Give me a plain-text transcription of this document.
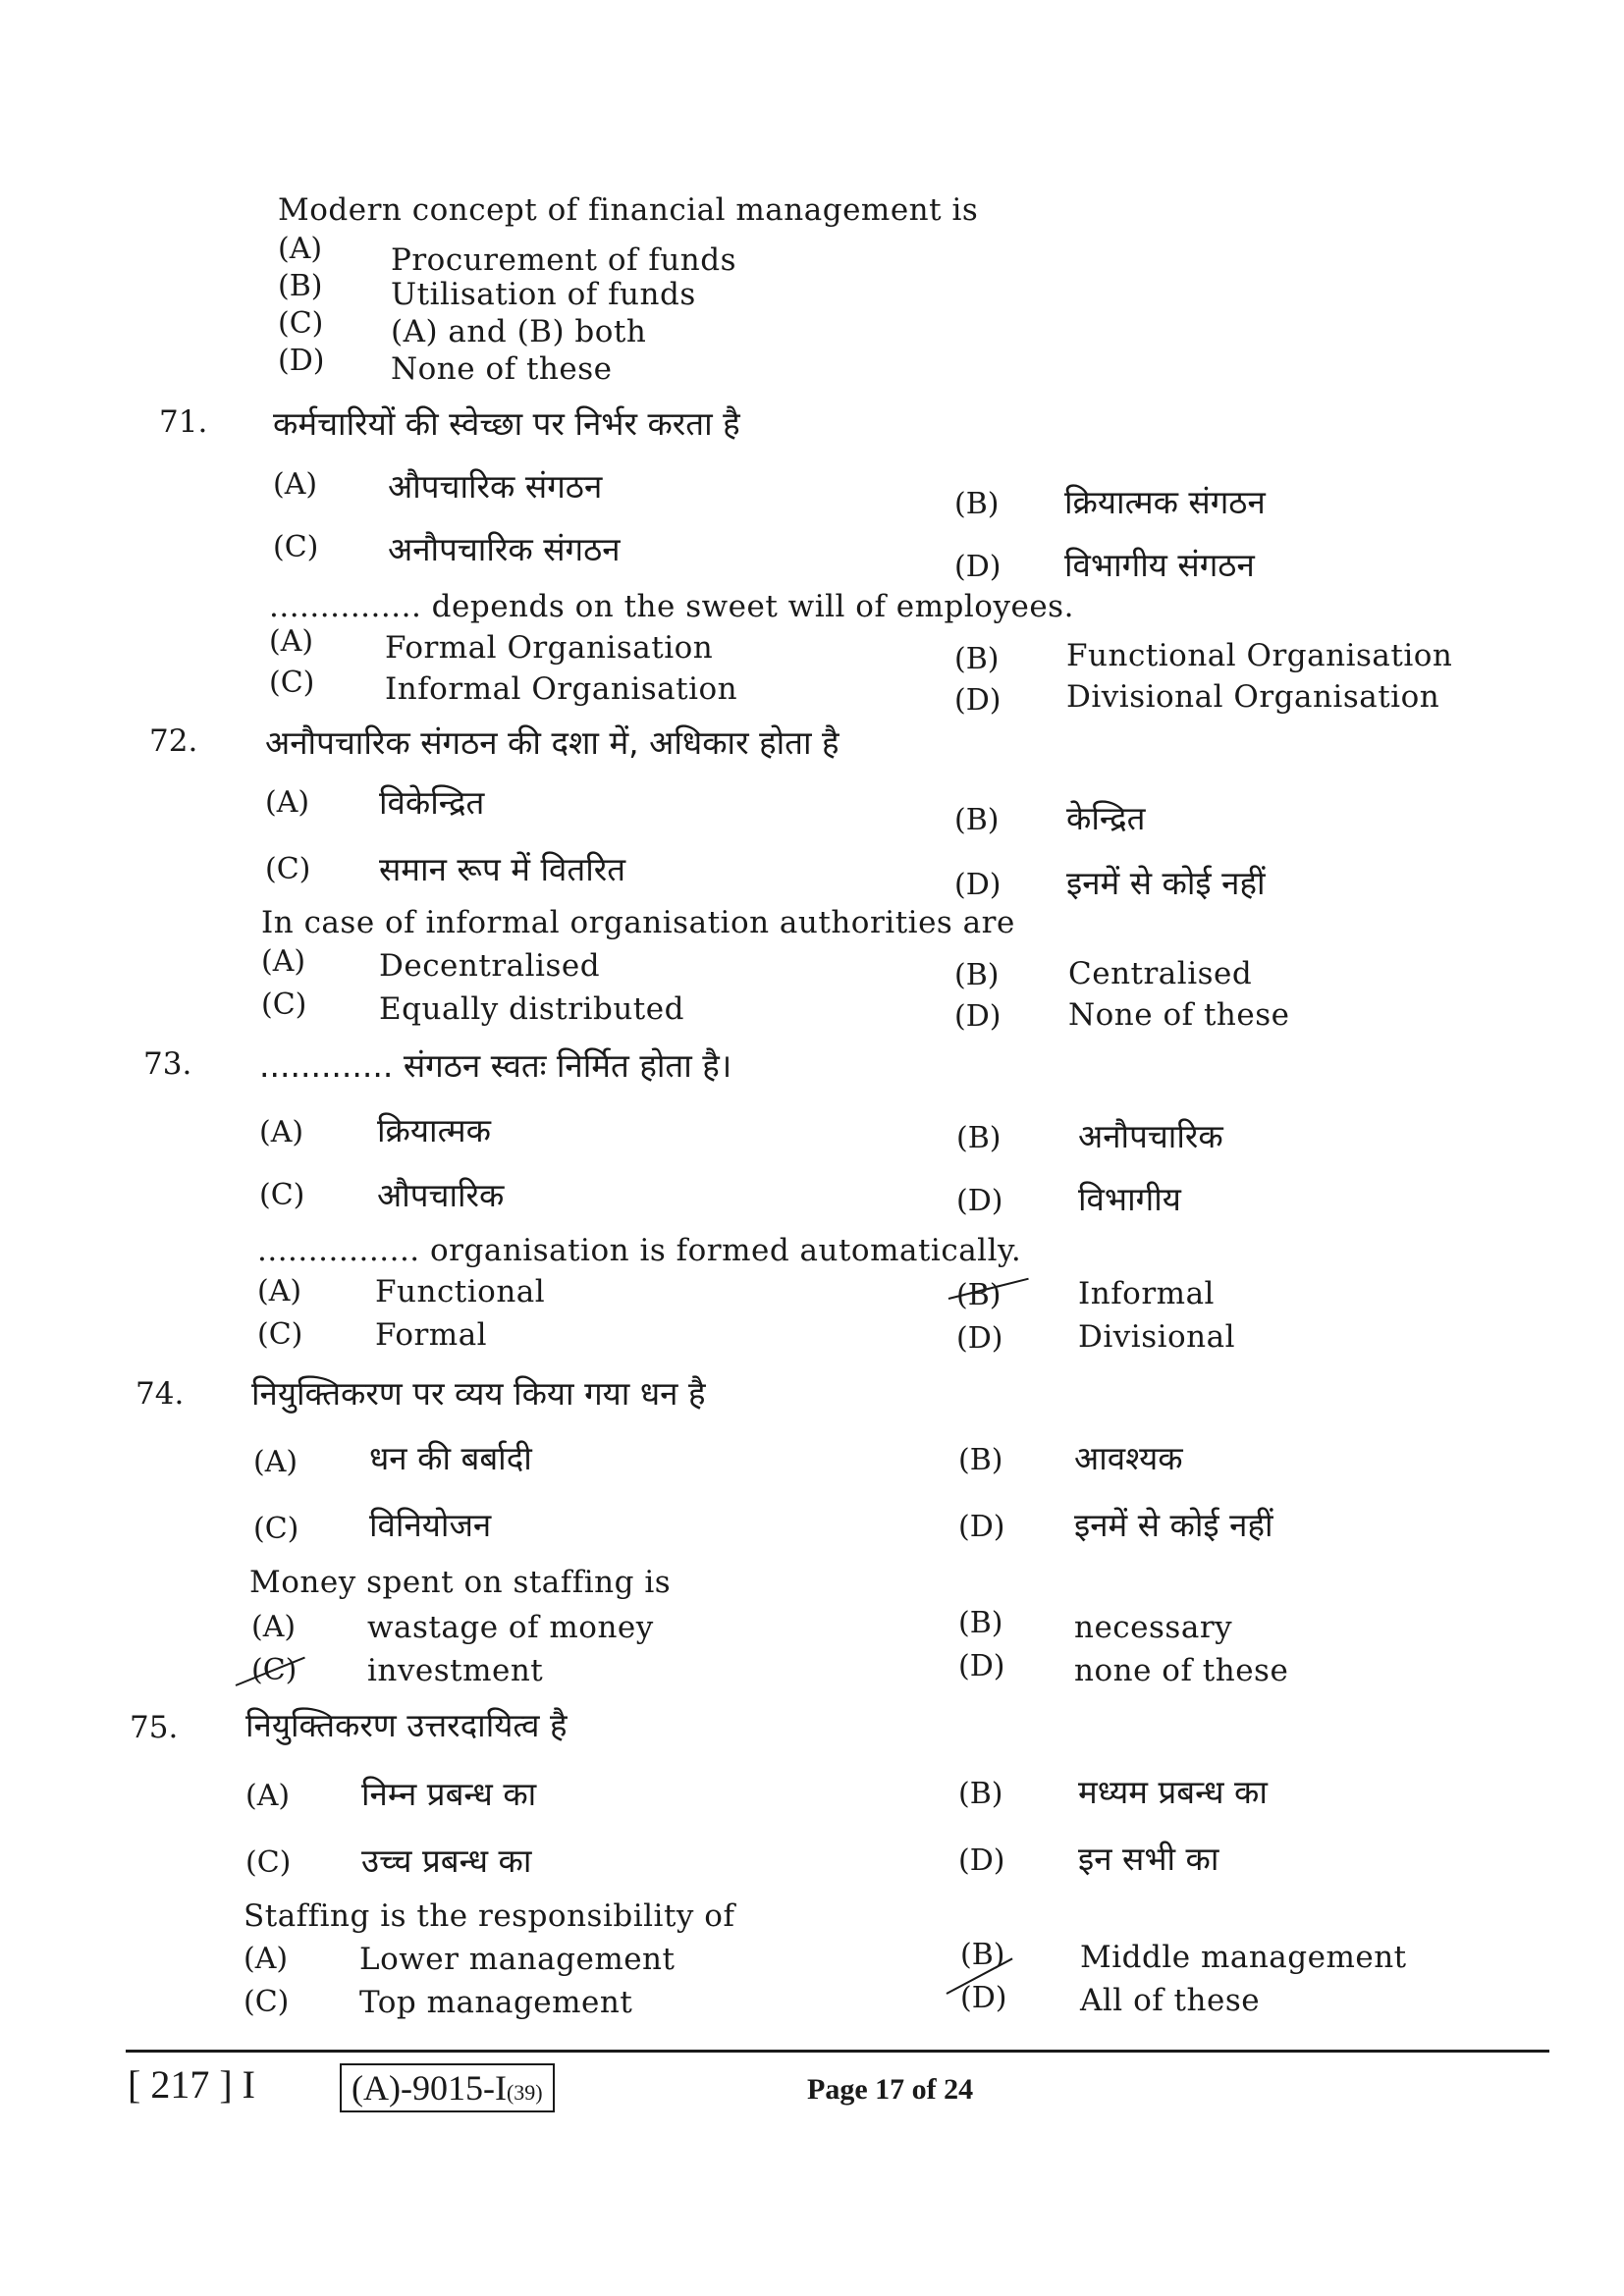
Modern concept of financial management is
(A) Procurement of funds
(B) Utilisation of funds
(C) (A) and (B) both
(D) None of these
71. कर्मचारियों की स्वेच्छा पर निर्भर करता है
(A) औपचारिक संगठन	(B) क्रियात्मक संगठन
(C) अनौपचारिक संगठन	(D) विभागीय संगठन
............... depends on the sweet will of employees.
(A) Formal Organisation	(B) Functional Organisation
(C) Informal Organisation	(D) Divisional Organisation
72. अनौपचारिक संगठन की दशा में, अधिकार होता है
(A) विकेन्द्रित	(B) केन्द्रित
(C) समान रूप में वितरित	(D) इनमें से कोई नहीं
In case of informal organisation authorities are
(A) Decentralised	(B) Centralised
(C) Equally distributed	(D) None of these
73. ............. संगठन स्वतः निर्मित होता है।
(A) क्रियात्मक	(B) अनौपचारिक
(C) औपचारिक	(D) विभागीय
................ organisation is formed automatically.
(A) Functional	(B)	Informal
(C) Formal	(D) Divisional
74. नियुक्तिकरण पर व्यय किया गया धन है
(A) धन की बर्बादी	(B) आवश्यक
(C) विनियोजन	(D) इनमें से कोई नहीं
Money spent on staffing is
(A) wastage of money	(B) necessary
(C) investment	(D) none of these
75. नियुक्तिकरण उत्तरदायित्व है
(A) निम्न प्रबन्ध का	(B) मध्यम प्रबन्ध का
(C) उच्च प्रबन्ध का	(D) इन सभी का
Staffing is the responsibility of
(A) Lower management	(B) Middle management
(C) Top management	(D) All of these
[ 217 ] I	(A)-9015-I(39)	Page 17 of 24
